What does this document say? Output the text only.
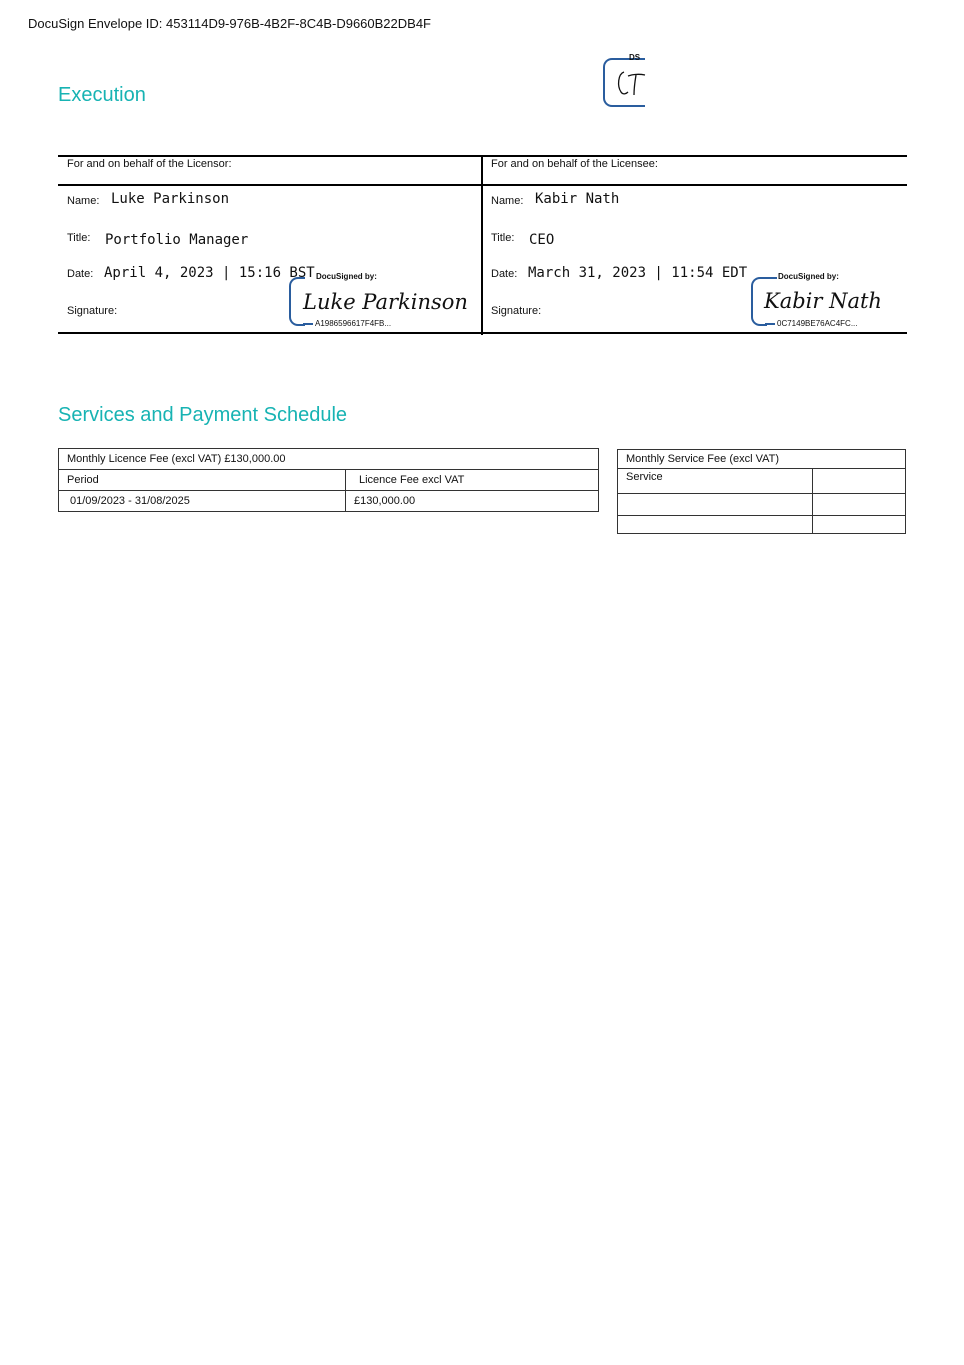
DocuSign Envelope ID: 453114D9-976B-4B2F-8C4B-D9660B22DB4F
Execution
DS
For and on behalf of the Licensor:
Name: Luke Parkinson
Title: Portfolio Manager
Date: April 4, 2023 | 15:16 BST
Signature:
DocuSigned by:
Luke Parkinson
A1986596617F4FB...
For and on behalf of the Licensee:
Name: Kabir Nath
Title: CEO
Date: March 31, 2023 | 11:54 EDT
Signature:
DocuSigned by:
Kabir Nath
0C7149BE76AC4FC...
Services and Payment Schedule
Monthly Licence Fee (excl VAT) £130,000.00	
Period	Licence Fee excl VAT
01/09/2023 - 31/08/2025	£130,000.00
Monthly Service Fee (excl VAT)	
Service	
